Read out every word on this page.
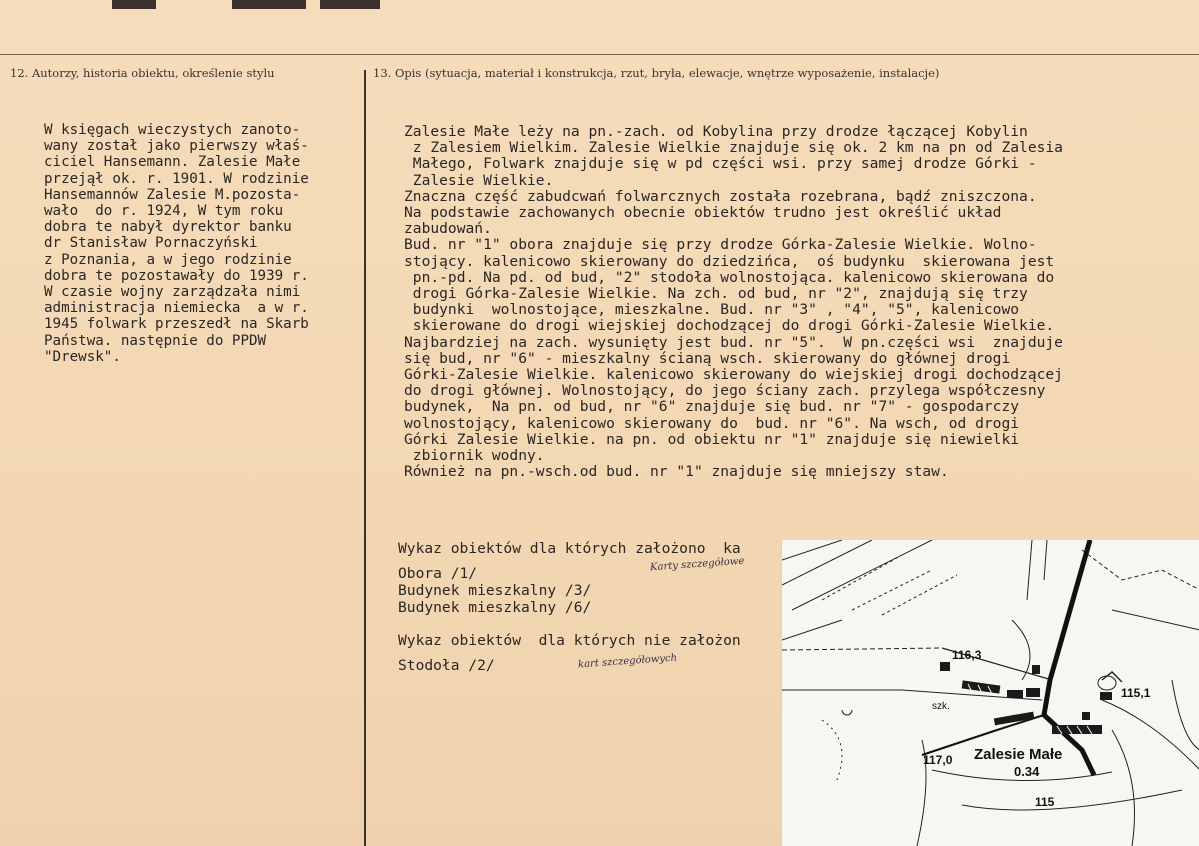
12. Autorzy, historia obiektu, określenie stylu	13. Opis (sytuacja, materiał i konstrukcja, rzut, bryła, elewacje, wnętrze wyposażenie, instalacje)
W księgach wieczystych zanoto-
wany został jako pierwszy właś-
ciciel Hansemann. Zalesie Małe
przejął ok. r. 1901. W rodzinie
Hansemannów Zalesie M.pozosta-
wało  do r. 1924, W tym roku
dobra te nabył dyrektor banku
dr Stanisław Pornaczyński
z Poznania, a w jego rodzinie
dobra te pozostawały do 1939 r.
W czasie wojny zarządzała nimi
administracja niemiecka  a w r.
1945 folwark przeszedł na Skarb
Państwa. następnie do PPDW
"Drewsk".
Zalesie Małe leży na pn.-zach. od Kobylina przy drodze łączącej Kobylin
z Zalesiem Wielkim. Zalesie Wielkie znajduje się ok. 2 km na pn od Zalesia
Małego, Folwark znajduje się w pd części wsi. przy samej drodze Górki -
Zalesie Wielkie.
Znaczna część zabudcwań folwarcznych została rozebrana, bądź zniszczona.
Na podstawie zachowanych obecnie obiektów trudno jest określić układ
zabudowań.
Bud. nr "1" obora znajduje się przy drodze Górka-Zalesie Wielkie. Wolno-
stojący. kalenicowo skierowany do dziedzińca,  oś budynku  skierowana jest
pn.-pd. Na pd. od bud, "2" stodoła wolnostojąca. kalenicowo skierowana do
drogi Górka-Zalesie Wielkie. Na zch. od bud, nr "2", znajdują się trzy
budynki  wolnostojące, mieszkalne. Bud. nr "3" , "4", "5", kalenicowo
skierowane do drogi wiejskiej dochodzącej do drogi Górki-Zalesie Wielkie.
Najbardziej na zach. wysunięty jest bud. nr "5".  W pn.części wsi  znajduje
się bud, nr "6" - mieszkalny ścianą wsch. skierowany do głównej drogi
Górki-Zalesie Wielkie. kalenicowo skierowany do wiejskiej drogi dochodzącej
do drogi głównej. Wolnostojący, do jego ściany zach. przylega współczesny
budynek,  Na pn. od bud, nr "6" znajduje się bud. nr "7" - gospodarczy
wolnostojący, kalenicowo skierowany do  bud. nr "6". Na wsch, od drogi
Górki Zalesie Wielkie. na pn. od obiektu nr "1" znajduje się niewielki
zbiornik wodny.
Również na pn.-wsch.od bud. nr "1" znajduje się mniejszy staw.
Wykaz obiektów dla których założono  ka
Karty szczegółowe
Obora /1/
Budynek mieszkalny /3/
Budynek mieszkalny /6/
Wykaz obiektów  dla których nie założon
kart szczegółowych
Stodoła /2/
116,3
115,1
117,0
115
szk.
Zalesie Małe
0.34
